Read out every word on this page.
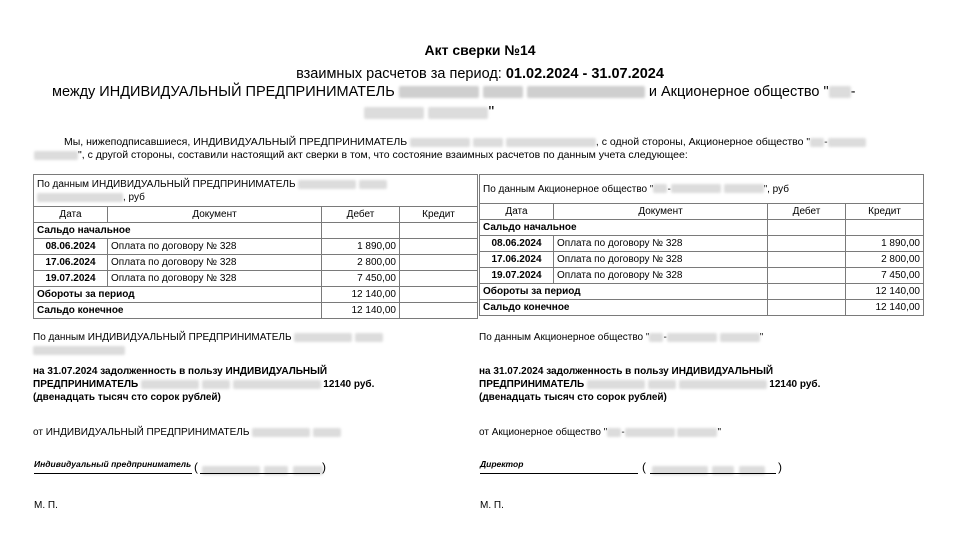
Акт сверки №14
взаимных расчетов за период: 01.02.2024 - 31.07.2024
между ИНДИВИДУАЛЬНЫЙ ПРЕДПРИНИМАТЕЛЬ	и Акционерное общество " -
"
Мы, нижеподписавшиеся, ИНДИВИДУАЛЬНЫЙ ПРЕДПРИНИМАТЕЛЬ	, с одной стороны, Акционерное общество " -
", с другой стороны, составили настоящий акт сверки в том, что состояние взаимных расчетов по данным учета следующее:
По данным ИНДИВИДУАЛЬНЫЙ ПРЕДПРИНИМАТЕЛЬ
, руб			
Дата	Документ	Дебет	Кредит
Сальдо начальное			
08.06.2024	Оплата по договору № 328	1 890,00	
17.06.2024	Оплата по договору № 328	2 800,00	
19.07.2024	Оплата по договору № 328	7 450,00	
Обороты за период		12 140,00	
Сальдо конечное		12 140,00	
По данным Акционерное общество " - ", руб			
Дата	Документ	Дебет	Кредит
Сальдо начальное			
08.06.2024	Оплата по договору № 328		1 890,00
17.06.2024	Оплата по договору № 328		2 800,00
19.07.2024	Оплата по договору № 328		7 450,00
Обороты за период			12 140,00
Сальдо конечное			12 140,00
По данным ИНДИВИДУАЛЬНЫЙ ПРЕДПРИНИМАТЕЛЬ
на 31.07.2024 задолженность в пользу ИНДИВИДУАЛЬНЫЙ
ПРЕДПРИНИМАТЕЛЬ	12140 руб.
(двенадцать тысяч сто сорок рублей)
от ИНДИВИДУАЛЬНЫЙ ПРЕДПРИНИМАТЕЛЬ
По данным Акционерное общество " -	"
на 31.07.2024 задолженность в пользу ИНДИВИДУАЛЬНЫЙ
ПРЕДПРИНИМАТЕЛЬ	12140 руб.
(двенадцать тысяч сто сорок рублей)
от Акционерное общество " -	"
Индивидуальный предприниматель (
	)	Директор	(
	)
М. П.	М. П.
